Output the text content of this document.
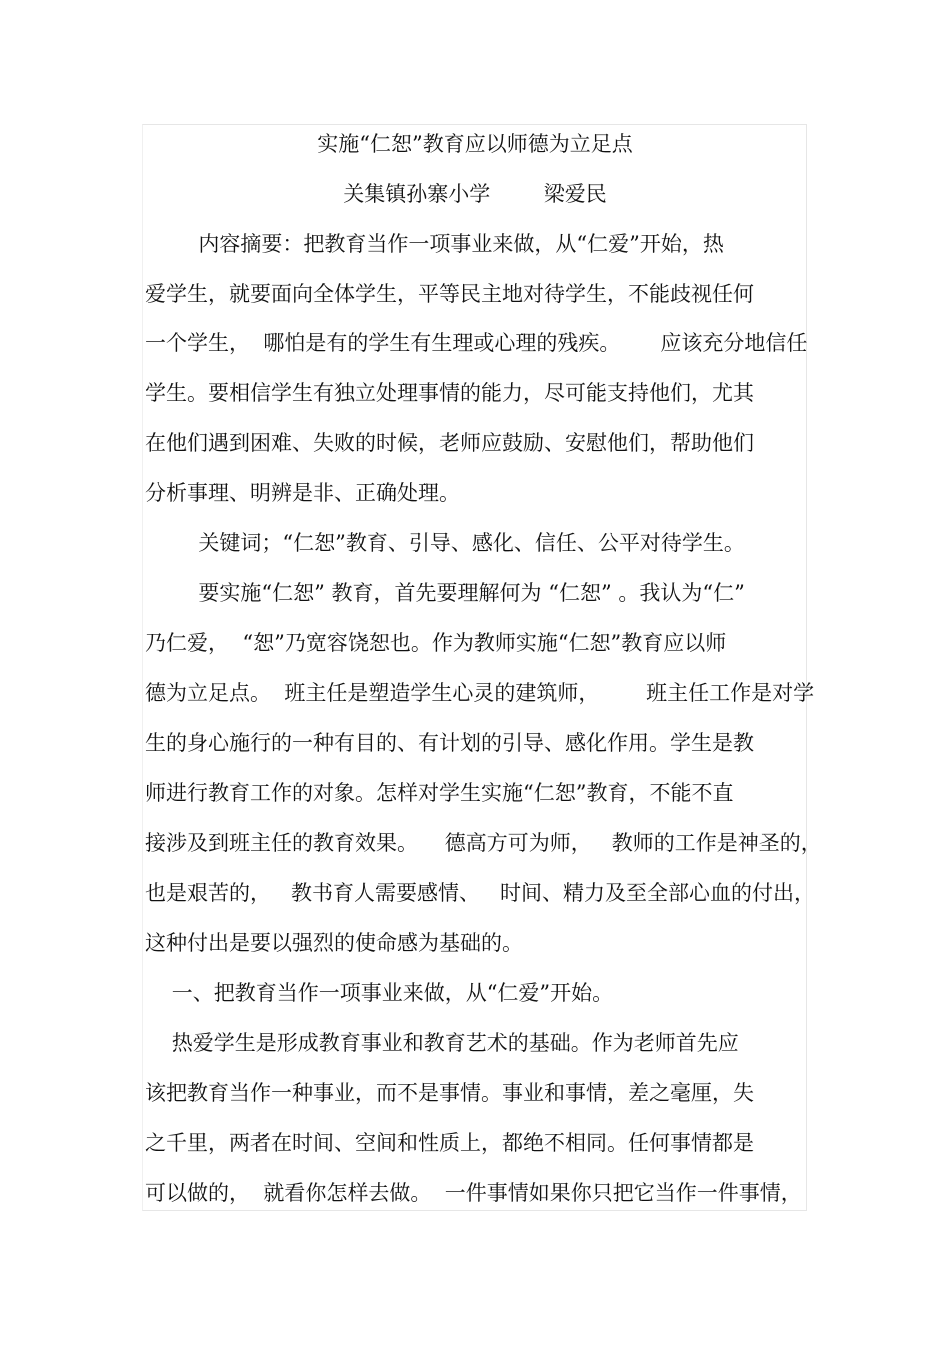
实施“仁恕”教育应以师德为立足点
关集镇孙寨小学        梁爱民
内容摘要：把教育当作一项事业来做，从“仁爱”开始，热
爱学生，就要面向全体学生，平等民主地对待学生，不能歧视任何
一个学生，  哪怕是有的学生有生理或心理的残疾。      应该充分地信任
学生。要相信学生有独立处理事情的能力，尽可能支持他们，尤其
在他们遇到困难、失败的时候，老师应鼓励、安慰他们，帮助他们
分析事理、明辨是非、正确处理。
关键词；“仁恕”教育、引导、感化、信任、公平对待学生。
要实施“仁恕” 教育，首先要理解何为 “仁恕” 。我认为“仁”
乃仁爱，  “恕”乃宽容饶恕也。作为教师实施“仁恕”教育应以师
德为立足点。  班主任是塑造学生心灵的建筑师，       班主任工作是对学
生的身心施行的一种有目的、有计划的引导、感化作用。学生是教
师进行教育工作的对象。怎样对学生实施“仁恕”教育，不能不直
接涉及到班主任的教育效果。    德高方可为师，   教师的工作是神圣的，
也是艰苦的，   教书育人需要感情、   时间、精力及至全部心血的付出，
这种付出是要以强烈的使命感为基础的。
一、把教育当作一项事业来做，从“仁爱”开始。
热爱学生是形成教育事业和教育艺术的基础。作为老师首先应
该把教育当作一种事业，而不是事情。事业和事情，差之毫厘，失
之千里，两者在时间、空间和性质上，都绝不相同。任何事情都是
可以做的，  就看你怎样去做。  一件事情如果你只把它当作一件事情，
